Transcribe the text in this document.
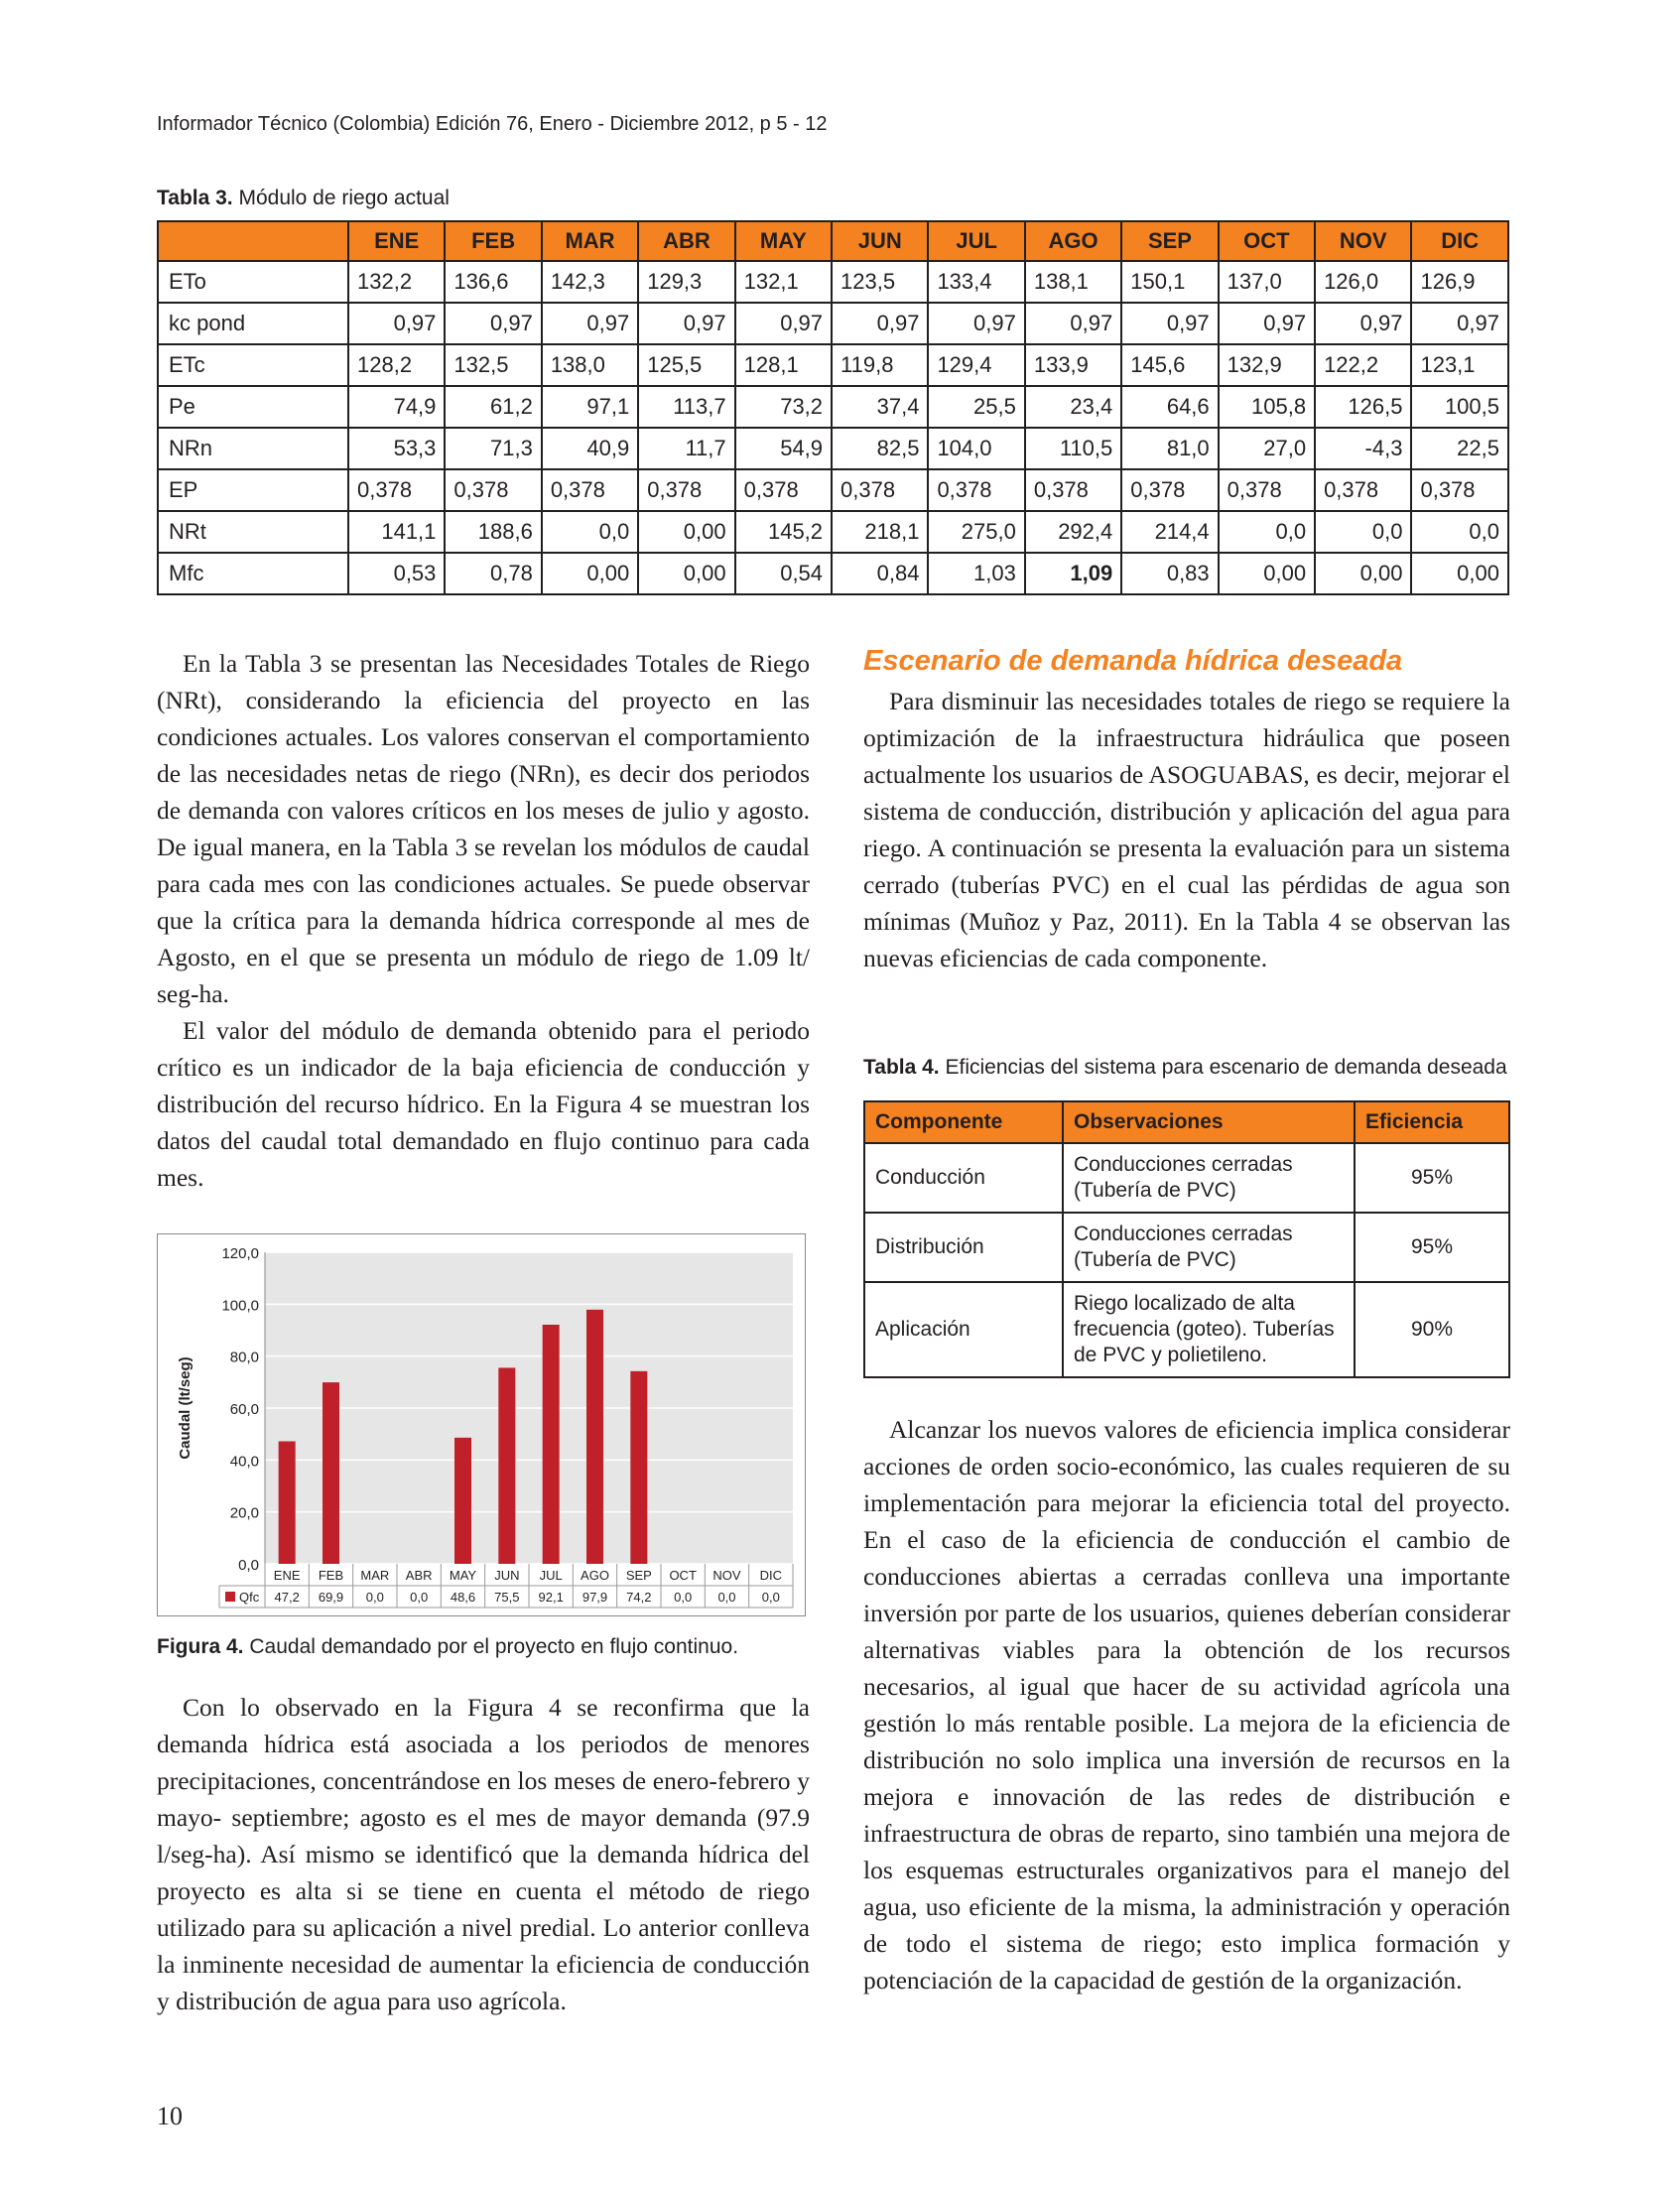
Informador Técnico (Colombia) Edición 76, Enero - Diciembre 2012, p 5 - 12
Tabla 3. Módulo de riego actual
	ENE	FEB	MAR	ABR	MAY	JUN	JUL	AGO	SEP	OCT	NOV	DIC
ETo	132,2	136,6	142,3	129,3	132,1	123,5	133,4	138,1	150,1	137,0	126,0	126,9
kc pond	0,97	0,97	0,97	0,97	0,97	0,97	0,97	0,97	0,97	0,97	0,97	0,97
ETc	128,2	132,5	138,0	125,5	128,1	119,8	129,4	133,9	145,6	132,9	122,2	123,1
Pe	74,9	61,2	97,1	113,7	73,2	37,4	25,5	23,4	64,6	105,8	126,5	100,5
NRn	53,3	71,3	40,9	11,7	54,9	82,5	104,0	110,5	81,0	27,0	-4,3	22,5
EP	0,378	0,378	0,378	0,378	0,378	0,378	0,378	0,378	0,378	0,378	0,378	0,378
NRt	141,1	188,6	0,0	0,00	145,2	218,1	275,0	292,4	214,4	0,0	0,0	0,0
Mfc	0,53	0,78	0,00	0,00	0,54	0,84	1,03	1,09	0,83	0,00	0,00	0,00

En la Tabla 3 se presentan las Necesidades Totales de Riego (NRt), considerando la eficiencia del proyecto en las condiciones actuales. Los valores conservan el comportamiento de las necesidades netas de riego (NRn), es decir dos periodos de demanda con valores críticos en los meses de julio y agosto. De igual manera, en la Tabla 3 se revelan los módulos de caudal para cada mes con las condiciones actuales. Se puede observar que la crítica para la demanda hídrica corresponde al mes de Agosto, en el que se presenta un módulo de riego de 1.09 lt/ seg-ha.

El valor del módulo de demanda obtenido para el periodo crítico es un indicador de la baja eficiencia de conducción y distribución del recurso hídrico. En la Figura 4 se muestran los datos del caudal total demandado en flujo continuo para cada mes.

0,0
20,0
40,0
60,0
80,0
100,0
120,0
Caudal (lt/seg)
ENE
47,2
FEB
69,9
MAR
0,0
ABR
0,0
MAY
48,6
JUN
75,5
JUL
92,1
AGO
97,9
SEP
74,2
OCT
0,0
NOV
0,0
DIC
0,0
Qfc
Figura 4. Caudal demandado por el proyecto en flujo continuo.

Con lo observado en la Figura 4 se reconfirma que la demanda hídrica está asociada a los periodos de menores precipitaciones, concentrándose en los meses de enero-febrero y mayo- septiembre; agosto es el mes de mayor demanda (97.9 l/seg-ha). Así mismo se identificó que la demanda hídrica del proyecto es alta si se tiene en cuenta el método de riego utilizado para su aplicación a nivel predial. Lo anterior conlleva la inminente necesidad de aumentar la eficiencia de conducción y distribución de agua para uso agrícola.

Escenario de demanda hídrica deseada

Para disminuir las necesidades totales de riego se requiere la optimización de la infraestructura hidráulica que poseen actualmente los usuarios de ASOGUABAS, es decir, mejorar el sistema de conducción, distribución y aplicación del agua para riego. A continuación se presenta la evaluación para un sistema cerrado (tuberías PVC) en el cual las pérdidas de agua son mínimas (Muñoz y Paz, 2011). En la Tabla 4 se observan las nuevas eficiencias de cada componente.

Tabla 4. Eficiencias del sistema para escenario de demanda deseada
Componente	Observaciones	Eficiencia
Conducción	Conducciones cerradas (Tubería de PVC)	95%
Distribución	Conducciones cerradas (Tubería de PVC)	95%
Aplicación	Riego localizado de alta frecuencia (goteo). Tuberías de PVC y polietileno.	90%

Alcanzar los nuevos valores de eficiencia implica considerar acciones de orden socio-económico, las cuales requieren de su implementación para mejorar la eficiencia total del proyecto. En el caso de la eficiencia de conducción el cambio de conducciones abiertas a cerradas conlleva una importante inversión por parte de los usuarios, quienes deberían considerar alternativas viables para la obtención de los recursos necesarios, al igual que hacer de su actividad agrícola una gestión lo más rentable posible. La mejora de la eficiencia de distribución no solo implica una inversión de recursos en la mejora e innovación de las redes de distribución e infraestructura de obras de reparto, sino también una mejora de los esquemas estructurales organizativos para el manejo del agua, uso eficiente de la misma, la administración y operación de todo el sistema de riego; esto implica formación y potenciación de la capacidad de gestión de la organización.

10
